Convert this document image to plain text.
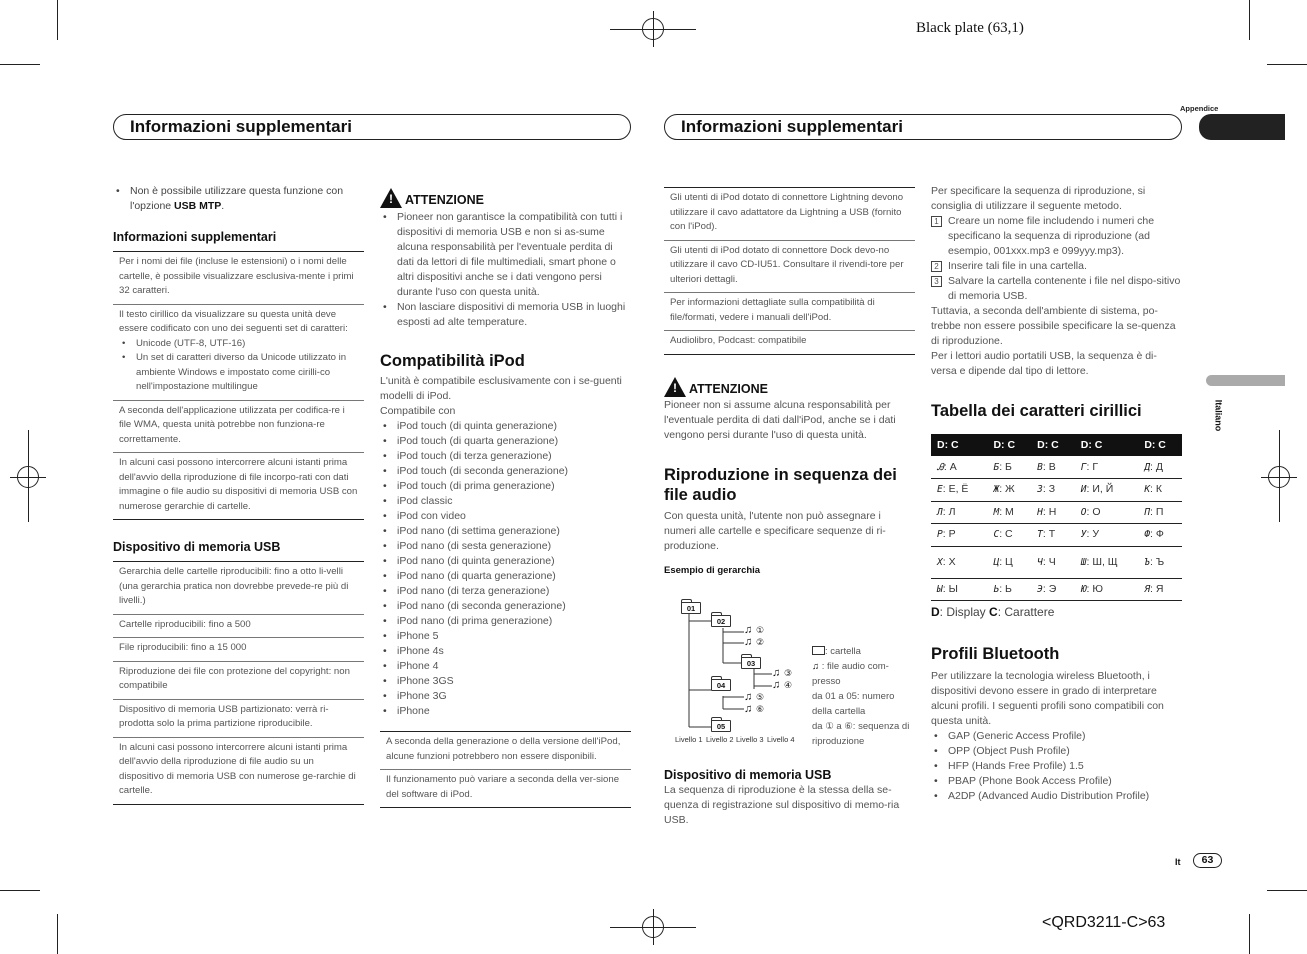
Black plate (63,1)
Appendice
Informazioni supplementari	Informazioni supplementari
Italiano
• Non è possibile utilizzare questa funzione con l'opzione USB MTP.
Informazioni supplementari
Per i nomi dei file (incluse le estensioni) o i nomi delle cartelle, è possibile visualizzare esclusiva-mente i primi 32 caratteri.
Il testo cirillico da visualizzare su questa unità deve essere codificato con uno dei seguenti set di caratteri:
• Unicode (UTF-8, UTF-16)
• Un set di caratteri diverso da Unicode utilizzato in ambiente Windows e impostato come cirilli-co nell'impostazione multilingue
A seconda dell'applicazione utilizzata per codifica-re i file WMA, questa unità potrebbe non funziona-re correttamente.
In alcuni casi possono intercorrere alcuni istanti prima dell'avvio della riproduzione di file incorpo-rati con dati immagine o file audio su dispositivi di memoria USB con numerose gerarchie di cartelle.
Dispositivo di memoria USB
Gerarchia delle cartelle riproducibili: fino a otto li-velli (una gerarchia pratica non dovrebbe prevede-re più di livelli.)
Cartelle riproducibili: fino a 500
File riproducibili: fino a 15 000
Riproduzione dei file con protezione del copyright: non compatibile
Dispositivo di memoria USB partizionato: verrà ri-prodotta solo la prima partizione riproducibile.
In alcuni casi possono intercorrere alcuni istanti prima dell'avvio della riproduzione di file audio su un dispositivo di memoria USB con numerose ge-rarchie di cartelle.
! ATTENZIONE
• Pioneer non garantisce la compatibilità con tutti i dispositivi di memoria USB e non si as-sume alcuna responsabilità per l'eventuale perdita di dati da lettori di file multimediali, smart phone o altri dispositivi anche se i dati vengono persi durante l'uso con questa unità.
• Non lasciare dispositivi di memoria USB in luoghi esposti ad alte temperature.
Compatibilità iPod
L'unità è compatibile esclusivamente con i se-guenti modelli di iPod.
Compatibile con
• iPod touch (di quinta generazione)
• iPod touch (di quarta generazione)
• iPod touch (di terza generazione)
• iPod touch (di seconda generazione)
• iPod touch (di prima generazione)
• iPod classic
• iPod con video
• iPod nano (di settima generazione)
• iPod nano (di sesta generazione)
• iPod nano (di quinta generazione)
• iPod nano (di quarta generazione)
• iPod nano (di terza generazione)
• iPod nano (di seconda generazione)
• iPod nano (di prima generazione)
• iPhone 5
• iPhone 4s
• iPhone 4
• iPhone 3GS
• iPhone 3G
• iPhone
A seconda della generazione o della versione dell'iPod, alcune funzioni potrebbero non essere disponibili.
Il funzionamento può variare a seconda della ver-sione del software di iPod.
Gli utenti di iPod dotato di connettore Lightning devono utilizzare il cavo adattatore da Lightning a USB (fornito con l'iPod).
Gli utenti di iPod dotato di connettore Dock devo-no utilizzare il cavo CD-IU51. Consultare il rivendi-tore per ulteriori dettagli.
Per informazioni dettagliate sulla compatibilità di file/formati, vedere i manuali dell'iPod.
Audiolibro, Podcast: compatibile
! ATTENZIONE
Pioneer non si assume alcuna responsabilità per l'eventuale perdita di dati dall'iPod, anche se i dati vengono persi durante l'uso di questa unità.
Riproduzione in sequenza dei file audio
Con questa unità, l'utente non può assegnare i numeri alle cartelle e specificare sequenze di ri-produzione.
Esempio di gerarchia
01
02
03
04
05
♫ ①
♫ ②
♫ ③
♫ ④
♫ ⑤
♫ ⑥
Livello 1 Livello 2 Livello 3 Livello 4
: cartella
♫ : file audio com-presso
da 01 a 05: numero della cartella
da ① a ⑥: sequenza di riproduzione
Dispositivo di memoria USB
La sequenza di riproduzione è la stessa della se-quenza di registrazione sul dispositivo di memo-ria USB.
Per specificare la sequenza di riproduzione, si consiglia di utilizzare il seguente metodo.
1 Creare un nome file includendo i numeri che specificano la sequenza di riproduzione (ad esempio, 001xxx.mp3 e 099yyy.mp3).
2 Inserire tali file in una cartella.
3 Salvare la cartella contenente i file nel dispo-sitivo di memoria USB.
Tuttavia, a seconda dell'ambiente di sistema, po-trebbe non essere possibile specificare la se-quenza di riproduzione.
Per i lettori audio portatili USB, la sequenza è di-versa e dipende dal tipo di lettore.
Tabella dei caratteri cirillici
D: C	D: C	D: C	D: C	D: C
Ꭿ: А	Б: Б	В: В	Г: Г	Д: Д
Ε: Е, Ё	Ж: Ж	З: З	И: И, Й	К: К
Л: Л	М: М	Н: Н	О: О	П: П
Р: Р	С: С	Т: Т	У: У	Ф: Ф
Х: Х	Ц: Ц	Ч: Ч	Ш: Ш, Щ	Ъ: Ъ
Ы: Ы	Ь: Ь	Э: Э	Ю: Ю	Я: Я
D: Display C: Carattere
Profili Bluetooth
Per utilizzare la tecnologia wireless Bluetooth, i dispositivi devono essere in grado di interpretare alcuni profili. I seguenti profili sono compatibili con questa unità.
• GAP (Generic Access Profile)
• OPP (Object Push Profile)
• HFP (Hands Free Profile) 1.5
• PBAP (Phone Book Access Profile)
• A2DP (Advanced Audio Distribution Profile)
It	63
<QRD3211-C>63
